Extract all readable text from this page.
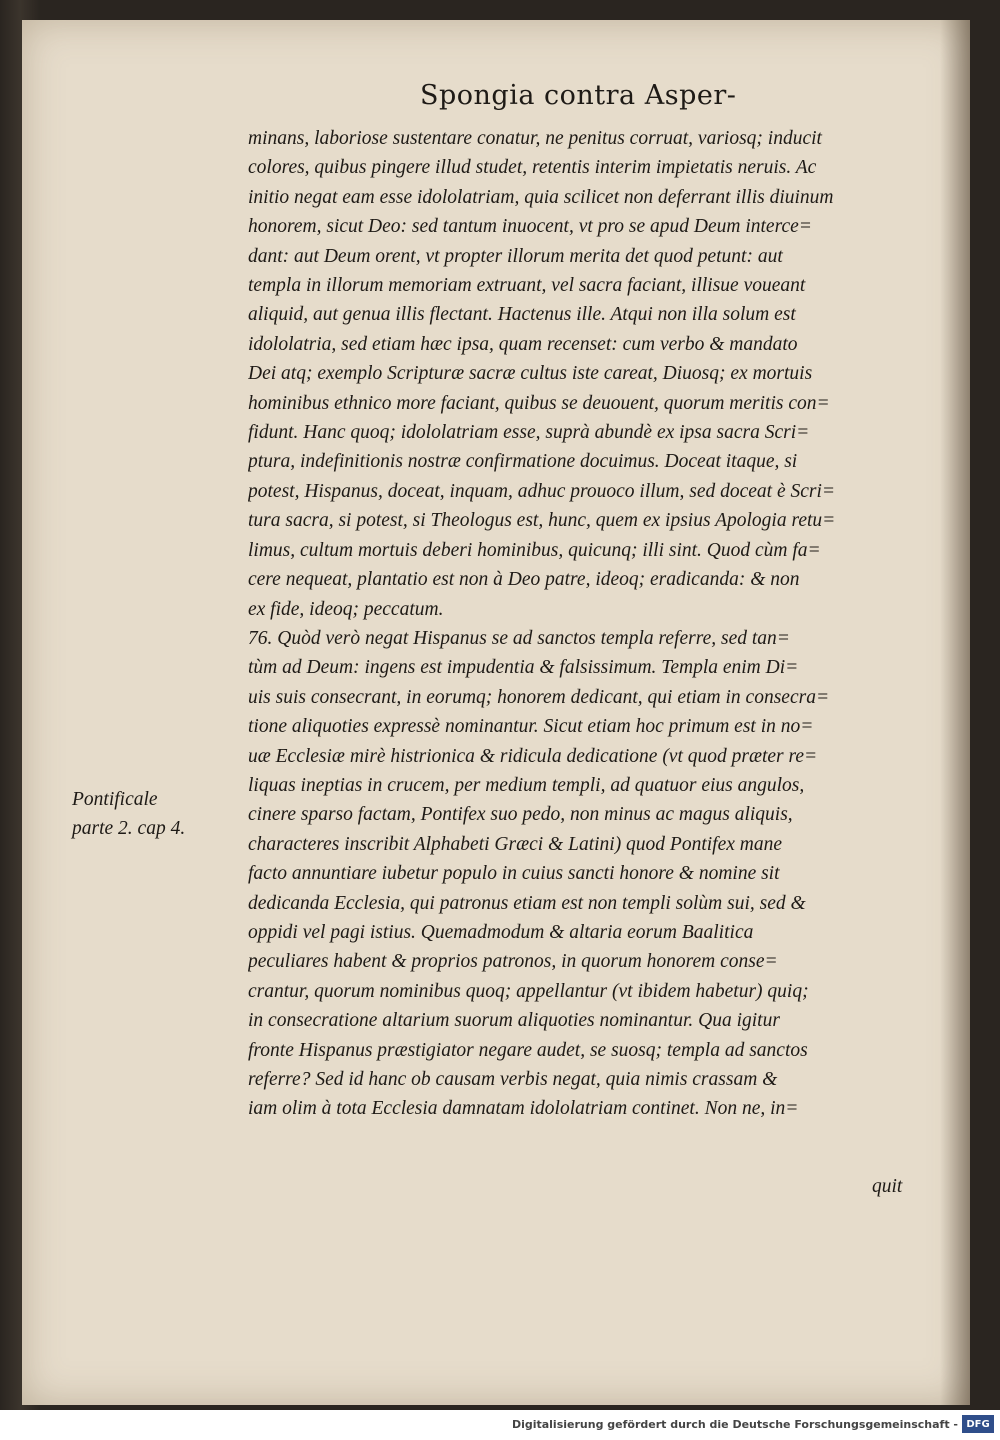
Spongia contra Asper-
minans, laboriose sustentare conatur, ne penitus corruat, variosq; inducit
colores, quibus pingere illud studet, retentis interim impietatis neruis. Ac
initio negat eam esse idololatriam, quia scilicet non deferrant illis diuinum
honorem, sicut Deo: sed tantum inuocent, vt pro se apud Deum interce=
dant: aut Deum orent, vt propter illorum merita det quod petunt: aut
templa in illorum memoriam extruant, vel sacra faciant, illisue voueant
aliquid, aut genua illis flectant. Hactenus ille. Atqui non illa solum est
idololatria, sed etiam hæc ipsa, quam recenset: cum verbo & mandato
Dei atq; exemplo Scripturæ sacræ cultus iste careat, Diuosq; ex mortuis
hominibus ethnico more faciant, quibus se deuouent, quorum meritis con=
fidunt. Hanc quoq; idololatriam esse, suprà abundè ex ipsa sacra Scri=
ptura, indefinitionis nostræ confirmatione docuimus. Doceat itaque, si
potest, Hispanus, doceat, inquam, adhuc prouoco illum, sed doceat è Scri=
tura sacra, si potest, si Theologus est, hunc, quem ex ipsius Apologia retu=
limus, cultum mortuis deberi hominibus, quicunq; illi sint. Quod cùm fa=
cere nequeat, plantatio est non à Deo patre, ideoq; eradicanda: & non
ex fide, ideoq; peccatum.
76. Quòd verò negat Hispanus se ad sanctos templa referre, sed tan=
tùm ad Deum: ingens est impudentia & falsissimum. Templa enim Di=
uis suis consecrant, in eorumq; honorem dedicant, qui etiam in consecra=
tione aliquoties expressè nominantur. Sicut etiam hoc primum est in no=
uæ Ecclesiæ mirè histrionica & ridicula dedicatione (vt quod præter re=
liquas ineptias in crucem, per medium templi, ad quatuor eius angulos,
cinere sparso factam, Pontifex suo pedo, non minus ac magus aliquis,
characteres inscribit Alphabeti Græci & Latini) quod Pontifex mane
facto annuntiare iubetur populo in cuius sancti honore & nomine sit
dedicanda Ecclesia, qui patronus etiam est non templi solùm sui, sed &
oppidi vel pagi istius. Quemadmodum & altaria eorum Baalitica
peculiares habent & proprios patronos, in quorum honorem conse=
crantur, quorum nominibus quoq; appellantur (vt ibidem habetur) quiq;
in consecratione altarium suorum aliquoties nominantur. Qua igitur
fronte Hispanus præstigiator negare audet, se suosq; templa ad sanctos
referre? Sed id hanc ob causam verbis negat, quia nimis crassam &
iam olim à tota Ecclesia damnatam idololatriam continet. Non ne, in=
Pontificale
parte 2. cap 4.
quit
Digitalisierung gefördert durch die Deutsche Forschungsgemeinschaft - DFG
